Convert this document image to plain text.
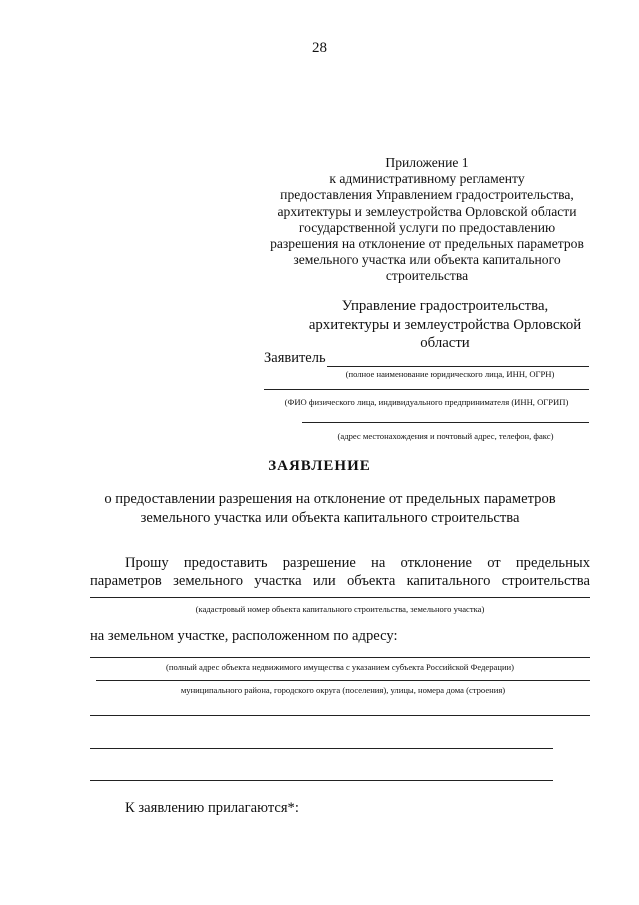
28
Приложение 1
к административному регламенту
предоставления Управлением градостроительства,
архитектуры и землеустройства Орловской области
государственной услуги по предоставлению
разрешения на отклонение от предельных параметров
земельного участка или объекта капитального
строительства
Управление градостроительства,
архитектуры и землеустройства Орловской
области
Заявитель
(полное наименование юридического лица, ИНН, ОГРН)
(ФИО физического лица, индивидуального предпринимателя (ИНН, ОГРИП)
(адрес местонахождения и почтовый адрес, телефон, факс)
ЗАЯВЛЕНИЕ
о предоставлении разрешения на отклонение от предельных параметров
земельного участка или объекта капитального строительства
Прошу предоставить разрешение на отклонение от предельных
параметров земельного участка или объекта капитального строительства
(кадастровый номер объекта капитального строительства, земельного участка)
на земельном участке, расположенном по адресу:
(полный адрес объекта недвижимого имущества с указанием субъекта Российской Федерации)
муниципального района, городского округа (поселения), улицы, номера дома (строения)
К заявлению прилагаются*:
